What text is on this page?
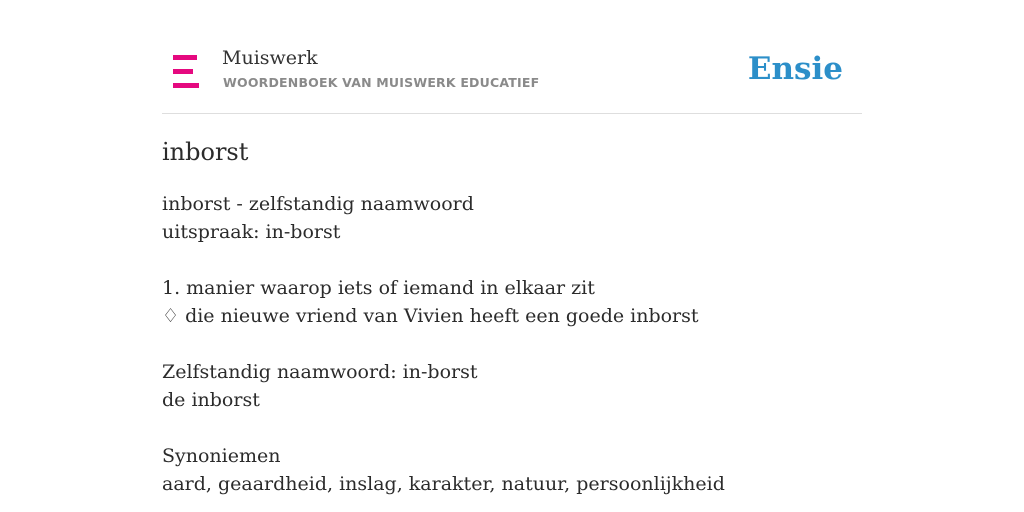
Muiswerk
WOORDENBOEK VAN MUISWERK EDUCATIEF	Ensie
inborst
inborst - zelfstandig naamwoord
uitspraak: in-borst
1. manier waarop iets of iemand in elkaar zit
♢ die nieuwe vriend van Vivien heeft een goede inborst
Zelfstandig naamwoord: in-borst
de inborst
Synoniemen
aard, geaardheid, inslag, karakter, natuur, persoonlijkheid
